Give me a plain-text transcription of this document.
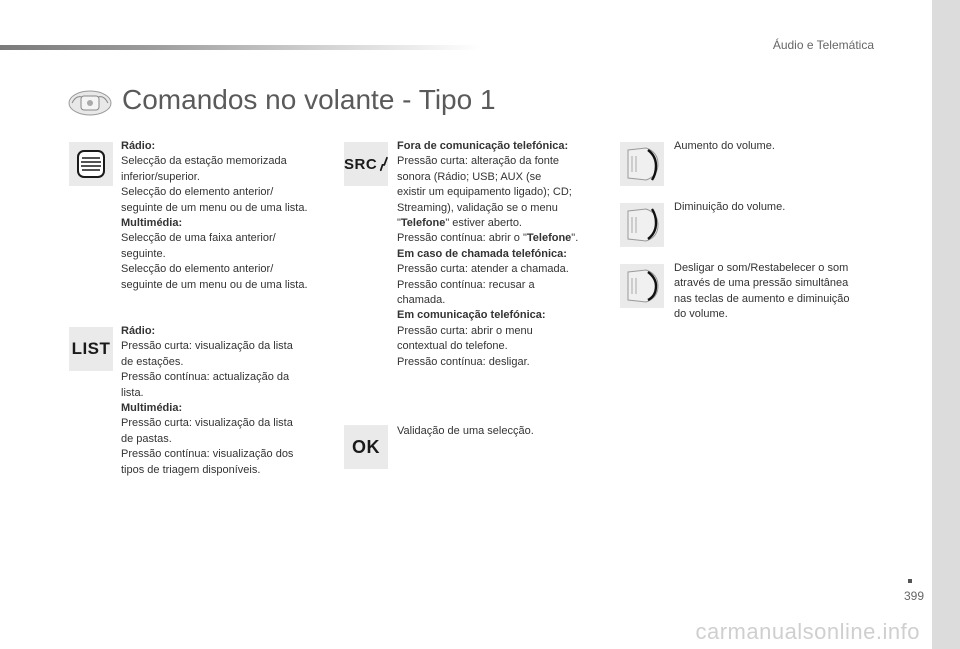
Áudio e Telemática
Comandos no volante - Tipo 1

Rádio:

Selecção da estação memorizada

inferior/superior.

Selecção do elemento anterior/

seguinte de um menu ou de uma lista.

Multimédia:

Selecção de uma faixa anterior/

seguinte.

Selecção do elemento anterior/

seguinte de um menu ou de uma lista.

LIST

Rádio:

Pressão curta: visualização da lista

de estações.

Pressão contínua: actualização da

lista.

Multimédia:

Pressão curta: visualização da lista

de pastas.

Pressão contínua: visualização dos

tipos de triagem disponíveis.

SRC

Fora de comunicação telefónica:

Pressão curta: alteração da fonte

sonora (Rádio; USB; AUX (se

existir um equipamento ligado); CD;

Streaming), validação se o menu

"Telefone" estiver aberto.

Pressão contínua: abrir o "Telefone".

Em caso de chamada telefónica:

Pressão curta: atender a chamada.

Pressão contínua: recusar a

chamada.

Em comunicação telefónica:

Pressão curta: abrir o menu

contextual do telefone.

Pressão contínua: desligar.

OK

Validação de uma selecção.

Aumento do volume.

Diminuição do volume.

Desligar o som/Restabelecer o som

através de uma pressão simultânea

nas teclas de aumento e diminuição

do volume.

399
carmanualsonline.info
